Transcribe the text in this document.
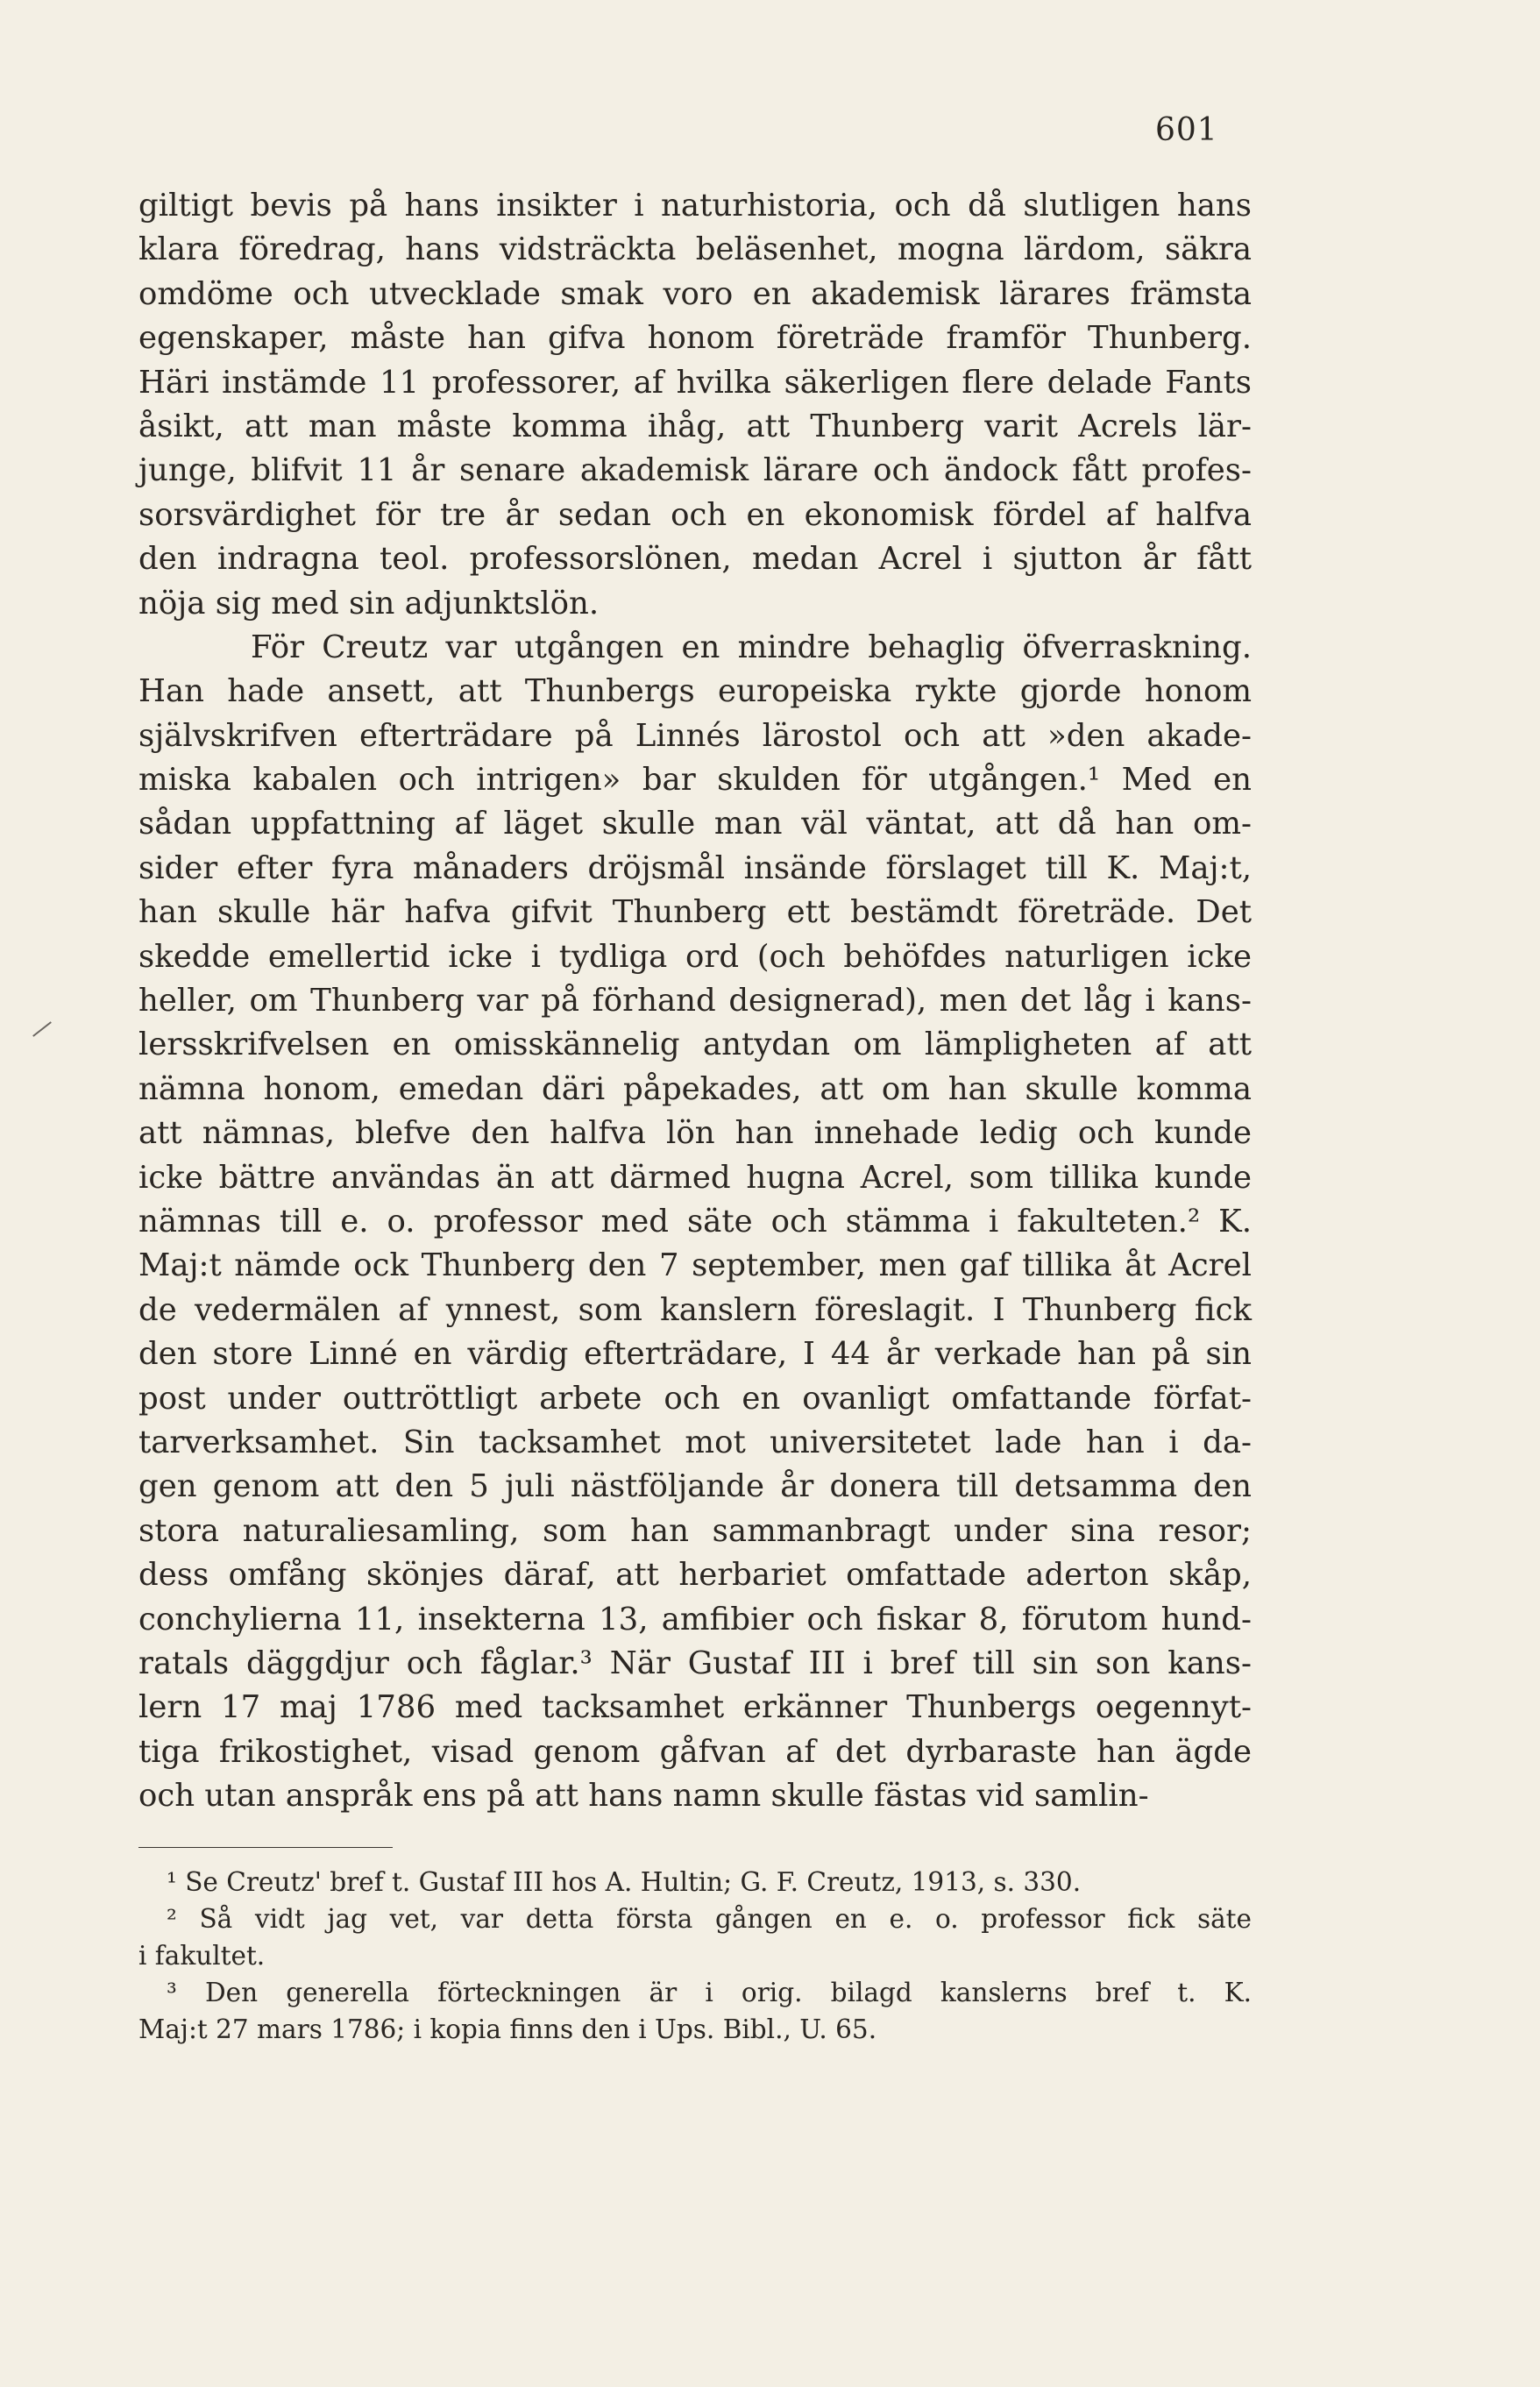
601
giltigt bevis på hans insikter i naturhistoria, och då slutligen hans
klara föredrag, hans vidsträckta beläsenhet, mogna lärdom, säkra
omdöme och utvecklade smak voro en akademisk lärares främsta
egenskaper, måste han gifva honom företräde framför Thunberg.
Häri instämde 11 professorer, af hvilka säkerligen flere delade Fants
åsikt, att man måste komma ihåg, att Thunberg varit Acrels lär-
junge, blifvit 11 år senare akademisk lärare och ändock fått profes-
sorsvärdighet för tre år sedan och en ekonomisk fördel af halfva
den indragna teol. professorslönen, medan Acrel i sjutton år fått
nöja sig med sin adjunktslön.
För Creutz var utgången en mindre behaglig öfverraskning.
Han hade ansett, att Thunbergs europeiska rykte gjorde honom
självskrifven efterträdare på Linnés lärostol och att »den akade-
miska kabalen och intrigen» bar skulden för utgången.¹ Med en
sådan uppfattning af läget skulle man väl väntat, att då han om-
sider efter fyra månaders dröjsmål insände förslaget till K. Maj:t,
han skulle här hafva gifvit Thunberg ett bestämdt företräde. Det
skedde emellertid icke i tydliga ord (och behöfdes naturligen icke
heller, om Thunberg var på förhand designerad), men det låg i kans-
lersskrifvelsen en omisskännelig antydan om lämpligheten af att
nämna honom, emedan däri påpekades, att om han skulle komma
att nämnas, blefve den halfva lön han innehade ledig och kunde
icke bättre användas än att därmed hugna Acrel, som tillika kunde
nämnas till e. o. professor med säte och stämma i fakulteten.² K.
Maj:t nämde ock Thunberg den 7 september, men gaf tillika åt Acrel
de vedermälen af ynnest, som kanslern föreslagit. I Thunberg fick
den store Linné en värdig efterträdare, I 44 år verkade han på sin
post under outtröttligt arbete och en ovanligt omfattande förfat-
tarverksamhet. Sin tacksamhet mot universitetet lade han i da-
gen genom att den 5 juli nästföljande år donera till detsamma den
stora naturaliesamling, som han sammanbragt under sina resor;
dess omfång skönjes däraf, att herbariet omfattade aderton skåp,
conchylierna 11, insekterna 13, amfibier och fiskar 8, förutom hund-
ratals däggdjur och fåglar.³ När Gustaf III i bref till sin son kans-
lern 17 maj 1786 med tacksamhet erkänner Thunbergs oegennyt-
tiga frikostighet, visad genom gåfvan af det dyrbaraste han ägde
och utan anspråk ens på att hans namn skulle fästas vid samlin-
¹ Se Creutz' bref t. Gustaf III hos A. Hultin; G. F. Creutz, 1913, s. 330.
² Så vidt jag vet, var detta första gången en e. o. professor fick säte
i fakultet.
³ Den generella förteckningen är i orig. bilagd kanslerns bref t. K.
Maj:t 27 mars 1786; i kopia finns den i Ups. Bibl., U. 65.
